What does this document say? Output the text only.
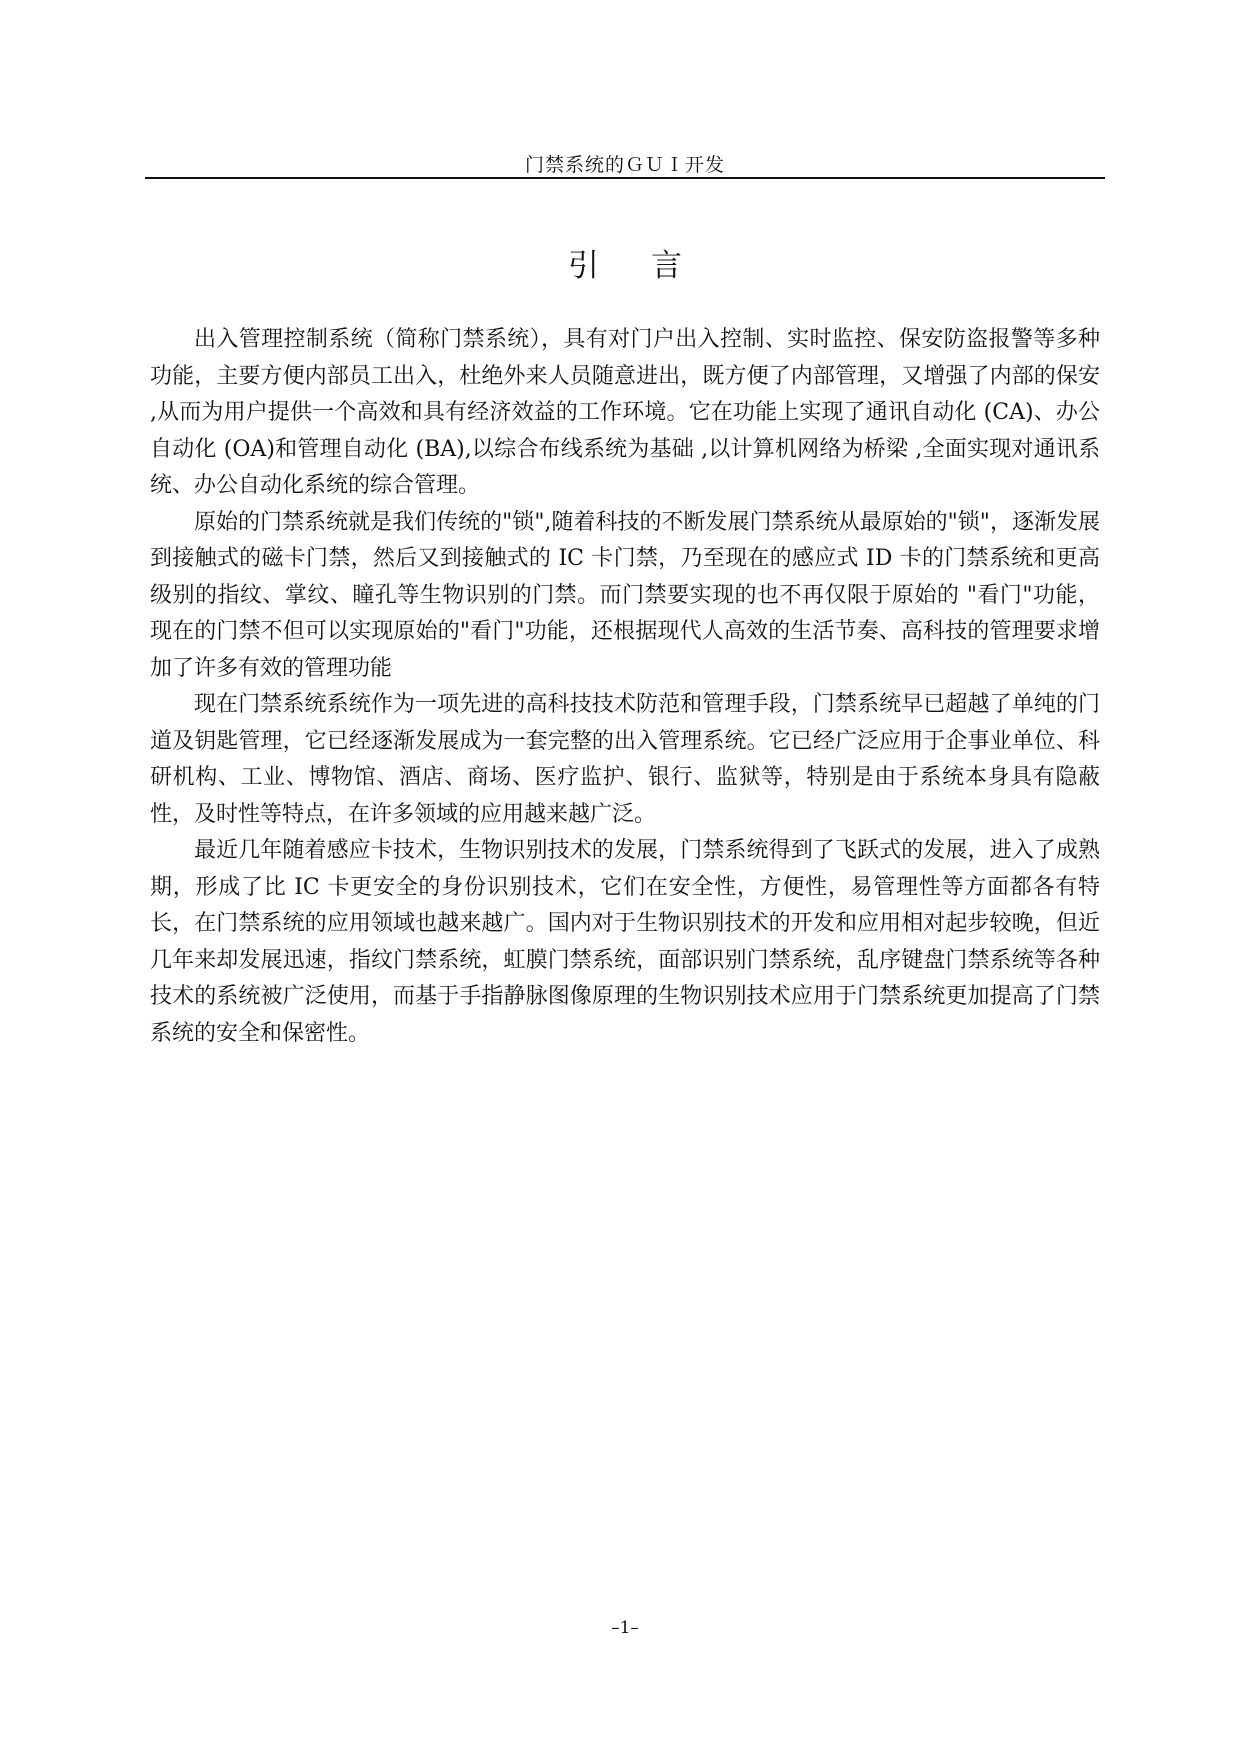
门禁系统的ＧＵＩ开发
引言

出入管理控制系统（简称门禁系统），具有对门户出入控制、实时监控、保安防盗报警等多种功能，主要方便内部员工出入，杜绝外来人员随意进出，既方便了内部管理，又增强了内部的保安 ,从而为用户提供一个高效和具有经济效益的工作环境。它在功能上实现了通讯自动化 (CA)、办公自动化 (OA)和管理自动化 (BA),以综合布线系统为基础 ,以计算机网络为桥梁 ,全面实现对通讯系统、办公自动化系统的综合管理。

原始的门禁系统就是我们传统的"锁",随着科技的不断发展门禁系统从最原始的"锁"，逐渐发展到接触式的磁卡门禁，然后又到接触式的 IC 卡门禁，乃至现在的感应式 ID 卡的门禁系统和更高级别的指纹、掌纹、瞳孔等生物识别的门禁。而门禁要实现的也不再仅限于原始的 "看门"功能，现在的门禁不但可以实现原始的"看门"功能，还根据现代人高效的生活节奏、高科技的管理要求增加了许多有效的管理功能

现在门禁系统系统作为一项先进的高科技技术防范和管理手段，门禁系统早已超越了单纯的门道及钥匙管理，它已经逐渐发展成为一套完整的出入管理系统。它已经广泛应用于企事业单位、科研机构、工业、博物馆、酒店、商场、医疗监护、银行、监狱等，特别是由于系统本身具有隐蔽性，及时性等特点，在许多领域的应用越来越广泛。

最近几年随着感应卡技术，生物识别技术的发展，门禁系统得到了飞跃式的发展，进入了成熟期，形成了比 IC 卡更安全的身份识别技术，它们在安全性，方便性，易管理性等方面都各有特长，在门禁系统的应用领域也越来越广。国内对于生物识别技术的开发和应用相对起步较晚，但近几年来却发展迅速，指纹门禁系统，虹膜门禁系统，面部识别门禁系统，乱序键盘门禁系统等各种技术的系统被广泛使用，而基于手指静脉图像原理的生物识别技术应用于门禁系统更加提高了门禁系统的安全和保密性。

–1–
